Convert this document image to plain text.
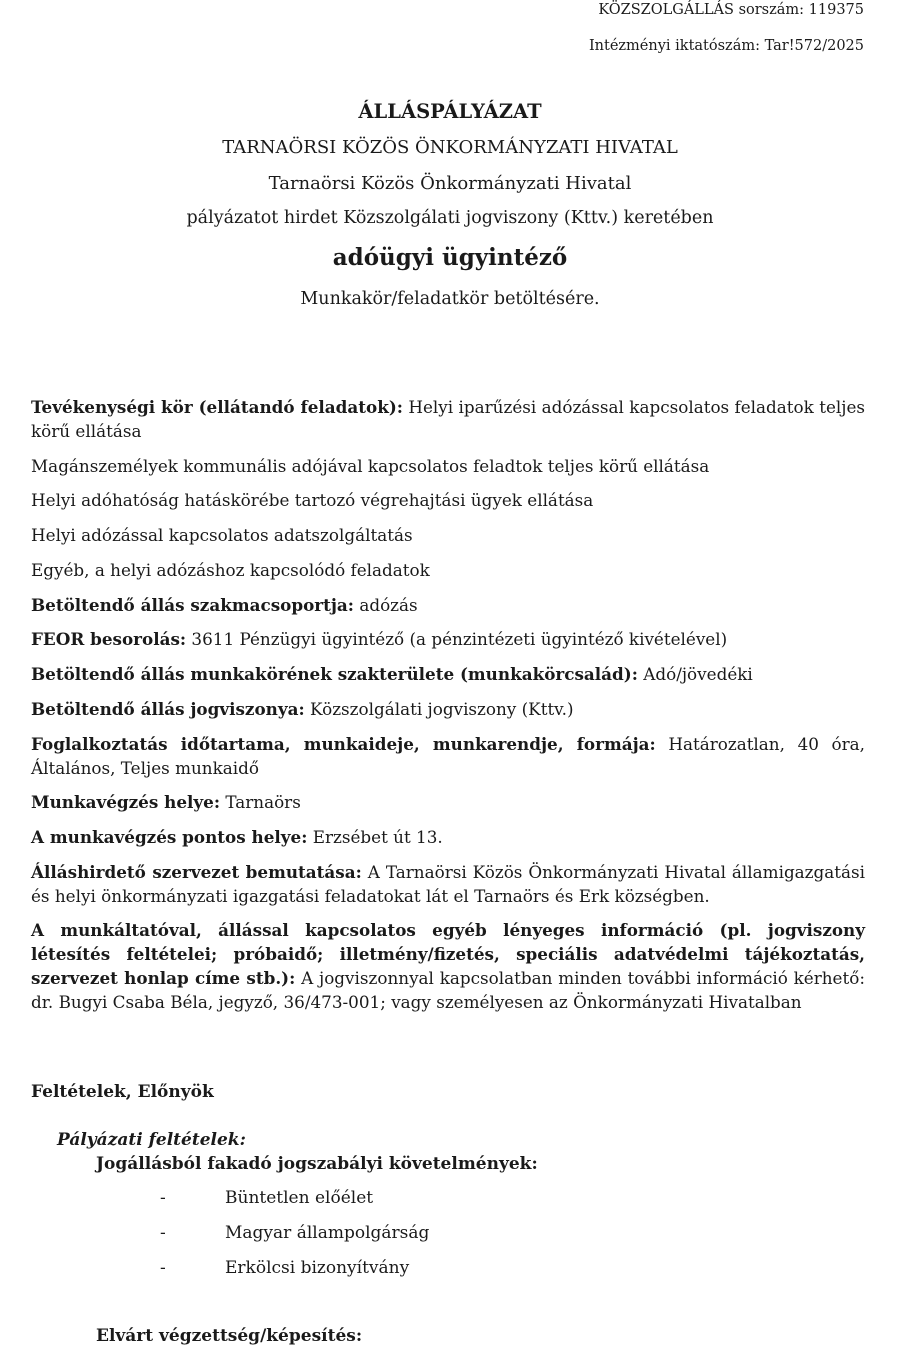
KÖZSZOLGÁLLÁS sorszám: 119375
Intézményi iktatószám: Tar!572/2025
ÁLLÁSPÁLYÁZAT
TARNAÖRSI KÖZÖS ÖNKORMÁNYZATI HIVATAL
Tarnaörsi Közös Önkormányzati Hivatal
pályázatot hirdet Közszolgálati jogviszony (Kttv.) keretében
adóügyi ügyintéző
Munkakör/feladatkör betöltésére.

Tevékenységi kör (ellátandó feladatok): Helyi iparűzési adózással kapcsolatos feladatok teljes körű ellátása

Magánszemélyek kommunális adójával kapcsolatos feladtok teljes körű ellátása
Helyi adóhatóság hatáskörébe tartozó végrehajtási ügyek ellátása
Helyi adózással kapcsolatos adatszolgáltatás
Egyéb, a helyi adózáshoz kapcsolódó feladatok
Betöltendő állás szakmacsoportja: adózás
FEOR besorolás: 3611 Pénzügyi ügyintéző (a pénzintézeti ügyintéző kivételével)
Betöltendő állás munkakörének szakterülete (munkakörcsalád): Adó/jövedéki
Betöltendő állás jogviszonya: Közszolgálati jogviszony (Kttv.)
Foglalkoztatás időtartama, munkaideje, munkarendje, formája: Határozatlan, 40 óra, Általános, Teljes munkaidő
Munkavégzés helye: Tarnaörs
A munkavégzés pontos helye: Erzsébet út 13.
Álláshirdető szervezet bemutatása: A Tarnaörsi Közös Önkormányzati Hivatal államigazgatási és helyi önkormányzati igazgatási feladatokat lát el Tarnaörs és Erk községben.
A munkáltatóval, állással kapcsolatos egyéb lényeges információ (pl. jogviszony létesítés feltételei; próbaidő; illetmény/fizetés, speciális adatvédelmi tájékoztatás, szervezet honlap címe stb.): A jogviszonnyal kapcsolatban minden további információ kérhető: dr. Bugyi Csaba Béla, jegyző, 36/473-001; vagy személyesen az Önkormányzati Hivatalban
Feltételek, Előnyök
Pályázati feltételek:
Jogállásból fakadó jogszabályi követelmények:
-	Büntetlen előélet
-	Magyar állampolgárság
-	Erkölcsi bizonyítvány
Elvárt végzettség/képesítés:
